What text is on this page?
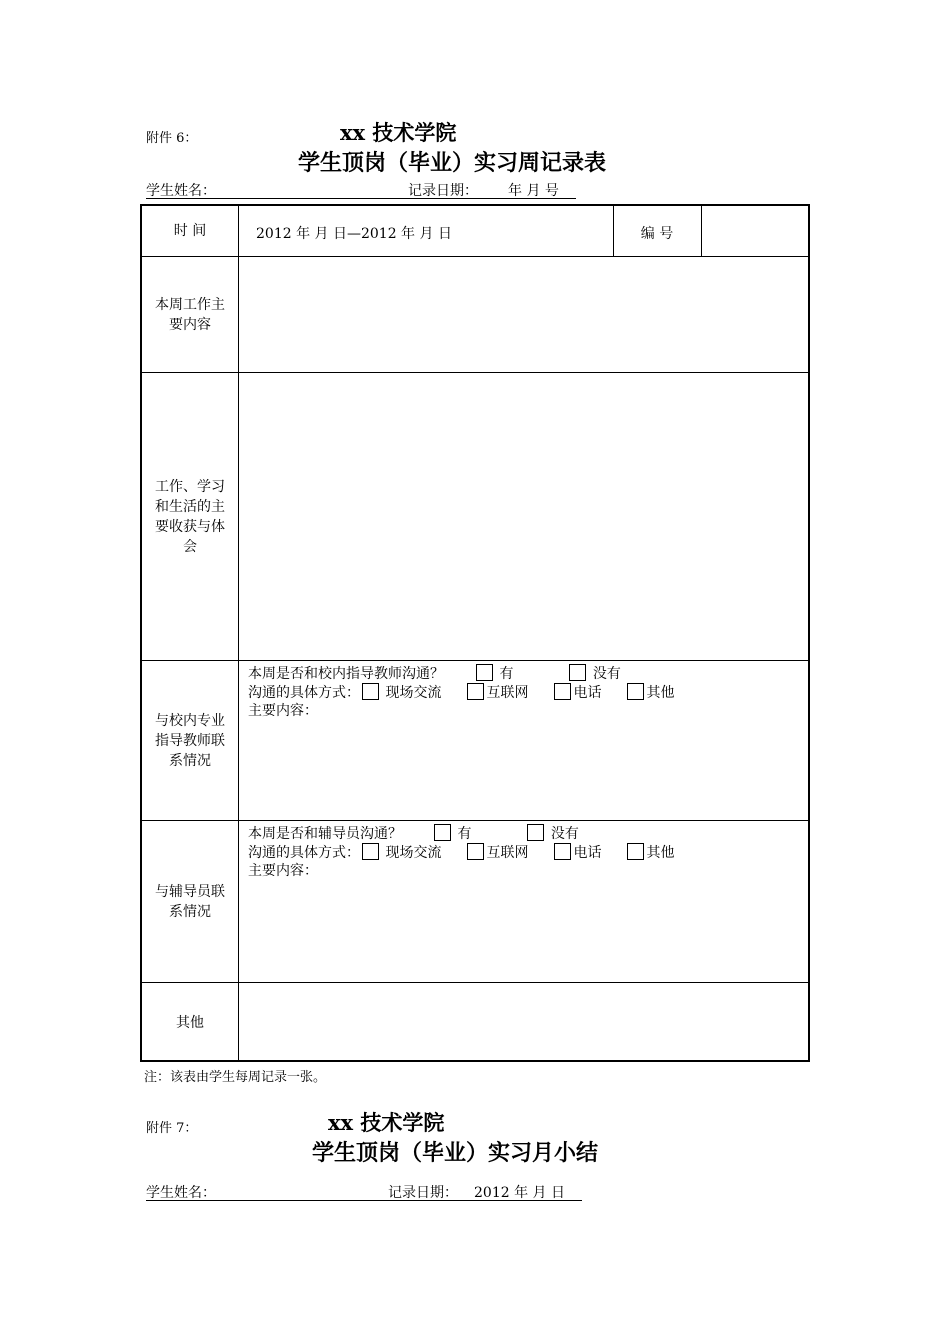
附件 6：	xx 技术学院
学生顶岗（毕业）实习周记录表
学生姓名：	记录日期： 年 月 号
时 间	2012 年 月 日—2012 年 月 日	编 号
本周工作主要内容
工作、学习和生活的主要收获与体会
与校内专业指导教师联系情况
本周是否和校内指导教师沟通？	有	没有
沟通的具体方式： 现场交流	互联网	电话	其他
主要内容：
与辅导员联系情况
本周是否和辅导员沟通？	有	没有
沟通的具体方式： 现场交流	互联网	电话	其他
主要内容：
其他
注：该表由学生每周记录一张。
附件 7：	xx 技术学院
学生顶岗（毕业）实习月小结
学生姓名：	记录日期： 2012 年 月 日
